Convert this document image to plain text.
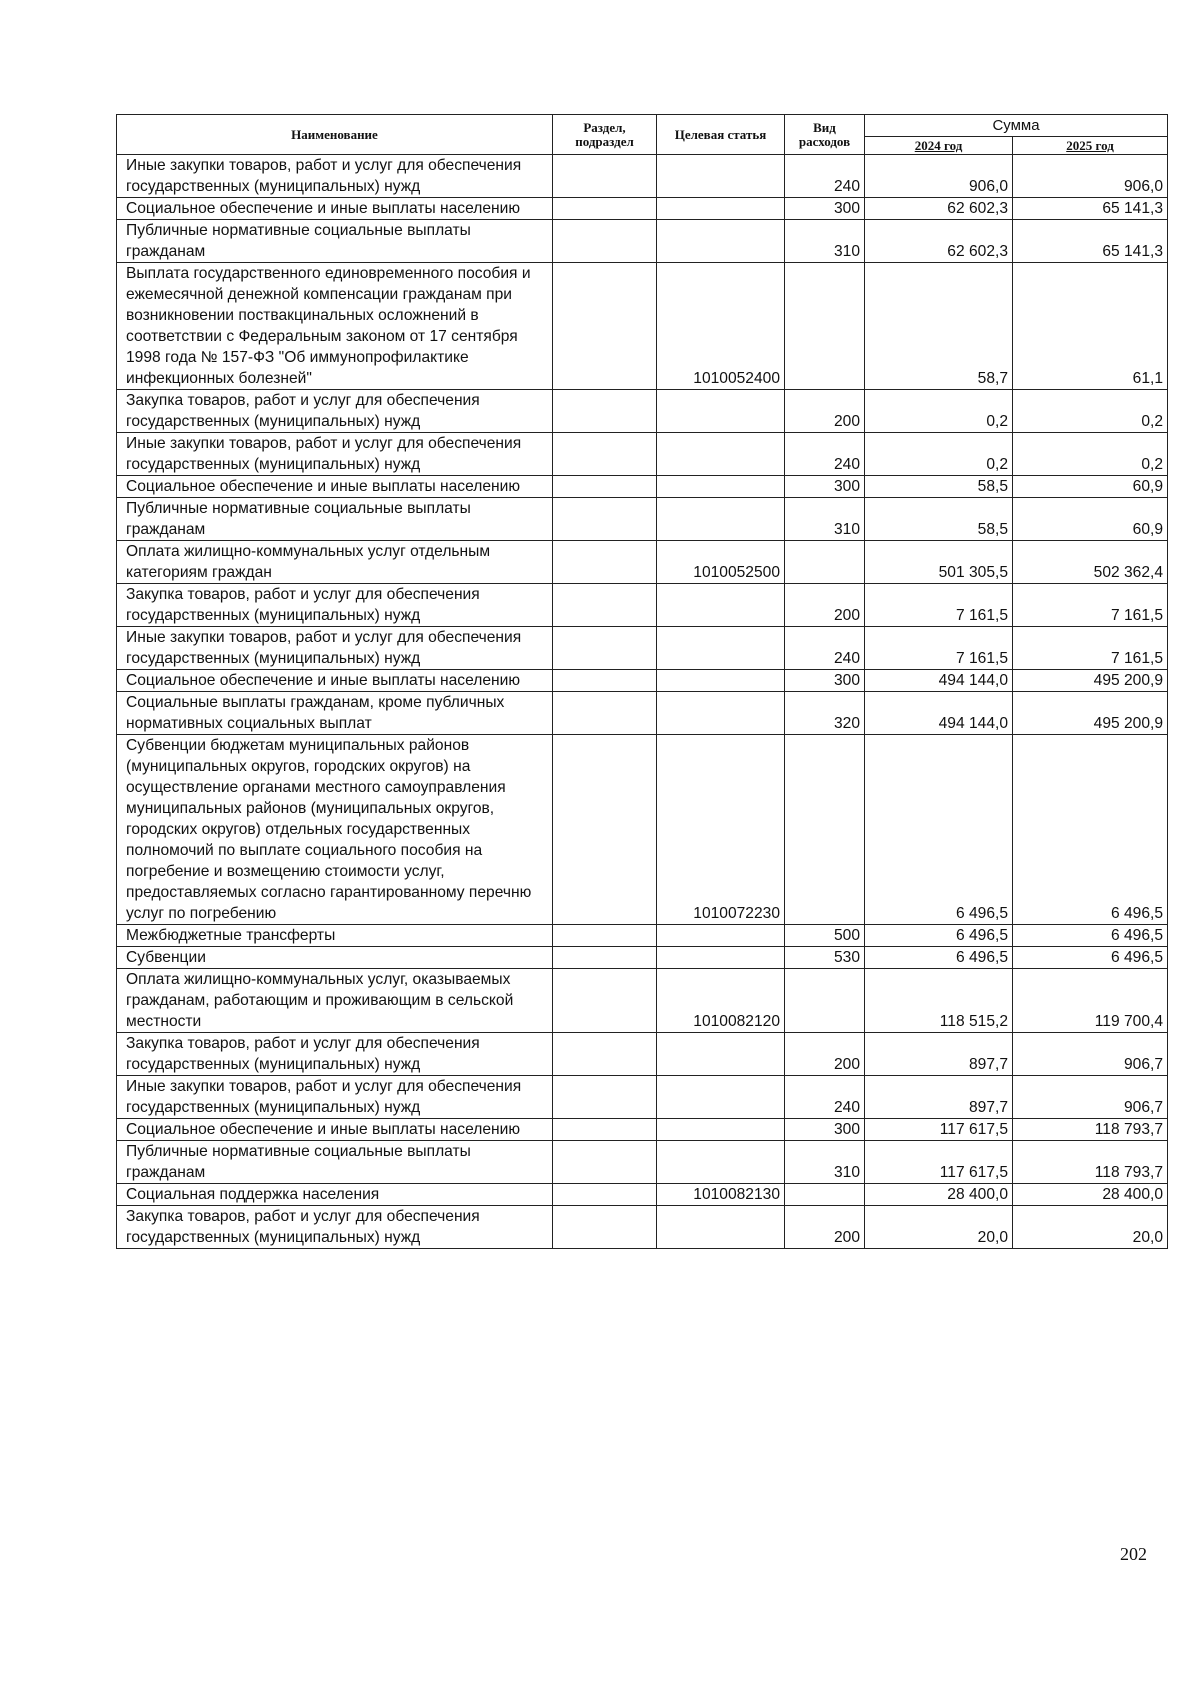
Наименование	Раздел, подраздел	Целевая статья	Вид расходов	Сумма	
				2024 год	2025 год
Иные закупки товаров, работ и услуг для обеспечения государственных (муниципальных) нужд			240	906,0	906,0
Социальное обеспечение и иные выплаты населению			300	62 602,3	65 141,3
Публичные нормативные социальные выплаты гражданам			310	62 602,3	65 141,3
Выплата государственного единовременного пособия и ежемесячной денежной компенсации гражданам при возникновении поствакцинальных осложнений в соответствии с Федеральным законом от 17 сентября 1998 года № 157-ФЗ "Об иммунопрофилактике инфекционных болезней"		1010052400		58,7	61,1
Закупка товаров, работ и услуг для обеспечения государственных (муниципальных) нужд			200	0,2	0,2
Иные закупки товаров, работ и услуг для обеспечения государственных (муниципальных) нужд			240	0,2	0,2
Социальное обеспечение и иные выплаты населению			300	58,5	60,9
Публичные нормативные социальные выплаты гражданам			310	58,5	60,9
Оплата жилищно-коммунальных услуг отдельным категориям граждан		1010052500		501 305,5	502 362,4
Закупка товаров, работ и услуг для обеспечения государственных (муниципальных) нужд			200	7 161,5	7 161,5
Иные закупки товаров, работ и услуг для обеспечения государственных (муниципальных) нужд			240	7 161,5	7 161,5
Социальное обеспечение и иные выплаты населению			300	494 144,0	495 200,9
Социальные выплаты гражданам, кроме публичных нормативных социальных выплат			320	494 144,0	495 200,9
Субвенции бюджетам муниципальных районов (муниципальных округов, городских округов) на осуществление органами местного самоуправления муниципальных районов (муниципальных округов, городских округов) отдельных государственных полномочий по выплате социального пособия на погребение и возмещению стоимости услуг, предоставляемых согласно гарантированному перечню услуг по погребению		1010072230		6 496,5	6 496,5
Межбюджетные трансферты			500	6 496,5	6 496,5
Субвенции			530	6 496,5	6 496,5
Оплата жилищно-коммунальных услуг, оказываемых гражданам, работающим и проживающим в сельской местности		1010082120		118 515,2	119 700,4
Закупка товаров, работ и услуг для обеспечения государственных (муниципальных) нужд			200	897,7	906,7
Иные закупки товаров, работ и услуг для обеспечения государственных (муниципальных) нужд			240	897,7	906,7
Социальное обеспечение и иные выплаты населению			300	117 617,5	118 793,7
Публичные нормативные социальные выплаты гражданам			310	117 617,5	118 793,7
Социальная поддержка населения		1010082130		28 400,0	28 400,0
Закупка товаров, работ и услуг для обеспечения государственных (муниципальных) нужд			200	20,0	20,0
202
